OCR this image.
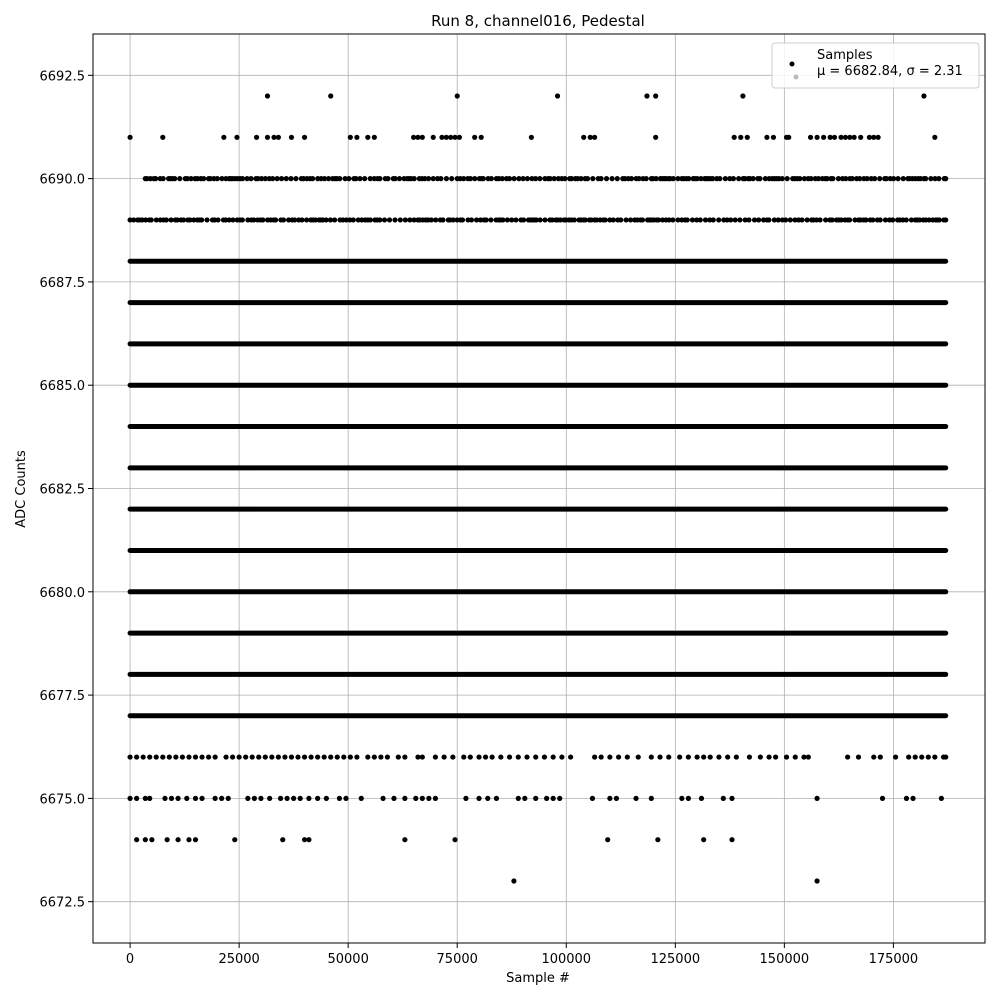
0	25000	50000	75000	100000	125000	150000	175000
6672.5
6675.0
6677.5
6680.0
6682.5
6685.0
6687.5
6690.0
6692.5
Run 8, channel016, Pedestal
Sample #
ADC Counts
Samples
μ = 6682.84, σ = 2.31
